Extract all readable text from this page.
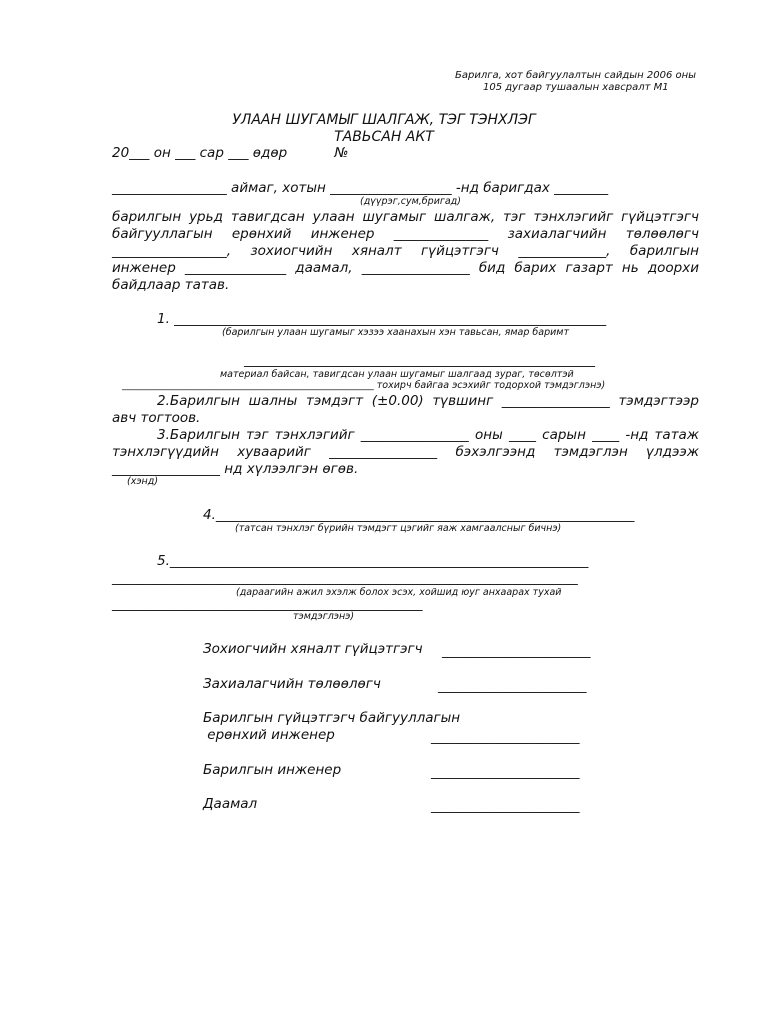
Барилга, хот байгуулалтын сайдын 2006 оны
105 дугаар тушаалын хавсралт М1
УЛААН ШУГАМЫГ ШАЛГАЖ, ТЭГ ТЭНХЛЭГ
ТАВЬСАН АКТ
20___ он ___ сар ___ өдөр           №
_________________ аймаг, хотын __________________ -нд баригдах ________
(дүүрэг,сум,бригад)
барилгын урьд тавигдсан улаан шугамыг шалгаж, тэг тэнхлэгийг гүйцэтгэгч
байгууллагын ерөнхий инженер ______________ захиалагчийн төлөөлөгч
_________________, зохиогчийн хяналт гүйцэтгэгч _____________, барилгын
инженер _______________ даамал, ________________ бид барих газарт нь доорхи
байдлаар татав.
1. ________________________________________________________________
(барилгын улаан шугамыг хэзээ хаанахын хэн тавьсан, ямар баримт
____________________________________________________
материал байсан, тавигдсан улаан шугамыг шалгаад зураг, төсөлтэй
_____________________________________________________ тохирч байгаа эсэхийг тодорхой тэмдэглэнэ)
2.Барилгын шалны тэмдэгт (±0.00) түвшинг ________________ тэмдэгтээр
авч тогтоов.
3.Барилгын тэг тэнхлэгийг ________________ оны ____ сарын ____ -нд татаж
тэнхлэгүүдийн хуваарийг ________________ бэхэлгээнд тэмдэглэн үлдээж
________________ нд хүлээлгэн өгөв.
(хэнд)
4.______________________________________________________________
(татсан тэнхлэг бүрийн тэмдэгт цэгийг яаж хамгаалсныг бичнэ)
5.______________________________________________________________
_____________________________________________________________________
(дараагийн ажил эхэлж болох эсэх, хойшид юуг анхаарах тухай
______________________________________________
тэмдэглэнэ)
Зохиогчийн хяналт гүйцэтгэгч ______________________
Захиалагчийн төлөөлөгч	______________________
Барилгын гүйцэтгэгч байгууллагын
ерөнхий инженер	______________________
Барилгын инженер	______________________
Даамал	______________________
